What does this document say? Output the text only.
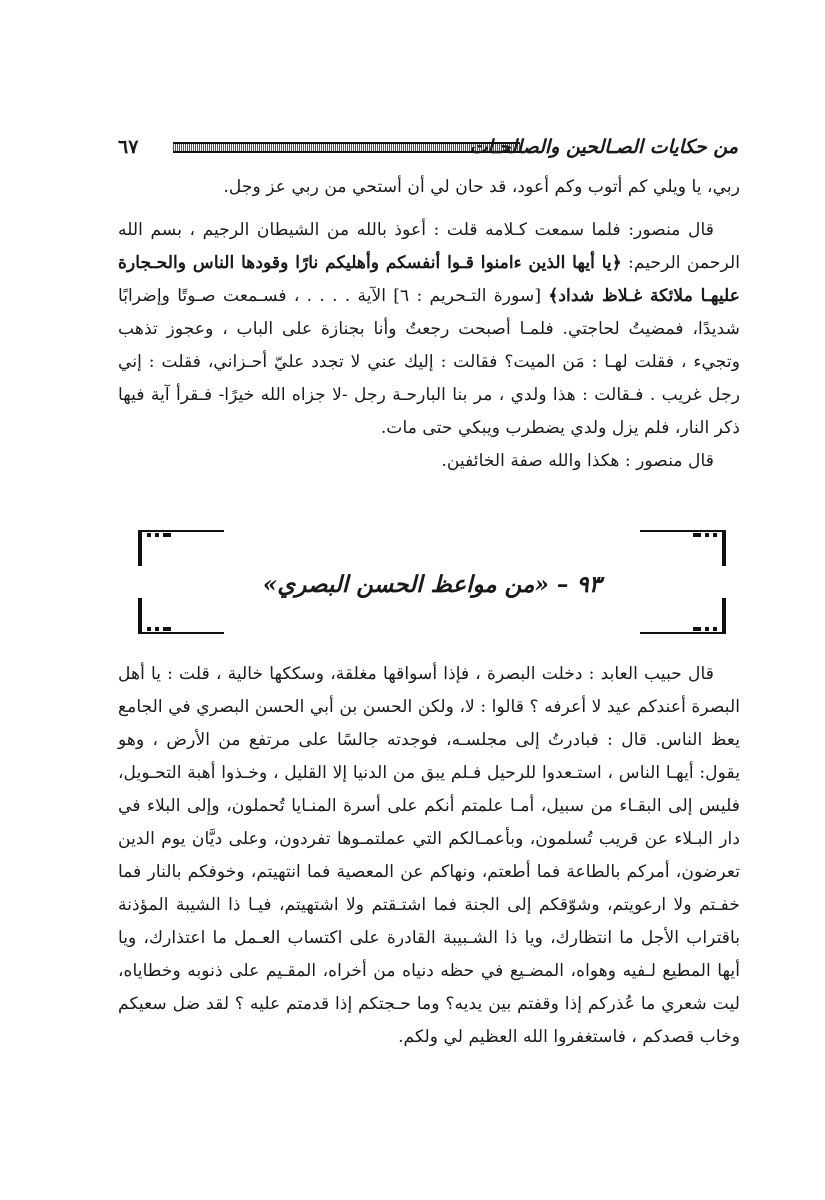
٦٧	من حكايات الصـالحين والصالحـات

ربي، يا ويلي كم أتوب وكم أعود، قد حان لي أن أستحي من ربي عز وجل.

قال منصور: فلما سمعت كـلامه قلت : أعوذ بالله من الشيطان الرجيم ، بسم الله الرحمن الرحيم: ﴿يا أيها الذين ءامنوا قـوا أنفسكم وأهليكم نارًا وقودها الناس والحـجارة عليهـا ملائكة غـلاظ شداد﴾ [سورة التـحريم : ٦] الآية . . . . ، فسـمعت صـوتًا وإضرابًا شديدًا، فمضيتُ لحاجتي. فلمـا أصبحت رجعتُ وأنا بجنازة على الباب ، وعجوز تذهب وتجيء ، فقلت لهـا : مَن الميت؟ فقالت : إليك عني لا تجدد عليّ أحـزاني، فقلت : إني رجل غريب . فـقالت : هذا ولدي ، مر بنا البارحـة رجل -لا جزاه الله خيرًا- فـقرأ آية فيها ذكر النار، فلم يزل ولدي يضطرب ويبكي حتى مات.

قال منصور : هكذا والله صفة الخائفين.

٩٣ – «من مواعظ الحسن البصري»

قال حبيب العابد : دخلت البصرة ، فإذا أسواقها مغلقة، وسككها خالية ، قلت : يا أهل البصرة أعندكم عيد لا أعرفه ؟ قالوا : لا، ولكن الحسن بن أبي الحسن البصري في الجامع يعظ الناس. قال : فبادرتُ إلى مجلسـه، فوجدته جالسًا على مرتفع من الأرض ، وهو يقول: أيهـا الناس ، استـعدوا للرحيل فـلم يبق من الدنيا إلا القليل ، وخـذوا أهبة التحـويل، فليس إلى البقـاء من سبيل، أمـا علمتم أنكم على أسرة المنـايا تُحملون، وإلى البلاء في دار البـلاء عن قريب تُسلمون، وبأعمـالكم التي عملتمـوها تفردون، وعلى ديَّان يوم الدين تعرضون، أمركم بالطاعة فما أطعتم، ونهاكم عن المعصية فما انتهيتم، وخوفكم بالنار فما خفـتم ولا ارعويتم، وشوّقكم إلى الجنة فما اشتـقتم ولا اشتهيتم، فيـا ذا الشيبة المؤذنة باقتراب الأجل ما انتظارك، ويا ذا الشـبيبة القادرة على اكتساب العـمل ما اعتذارك، ويا أيها المطيع لـفيه وهواه، المضـيع في حظه دنياه من أخراه، المقـيم على ذنوبه وخطاياه، ليت شعري ما عُذركم إذا وقفتم بين يديه؟ وما حـجتكم إذا قدمتم عليه ؟ لقد ضل سعيكم وخاب قصدكم ، فاستغفروا الله العظيم لي ولكم.
